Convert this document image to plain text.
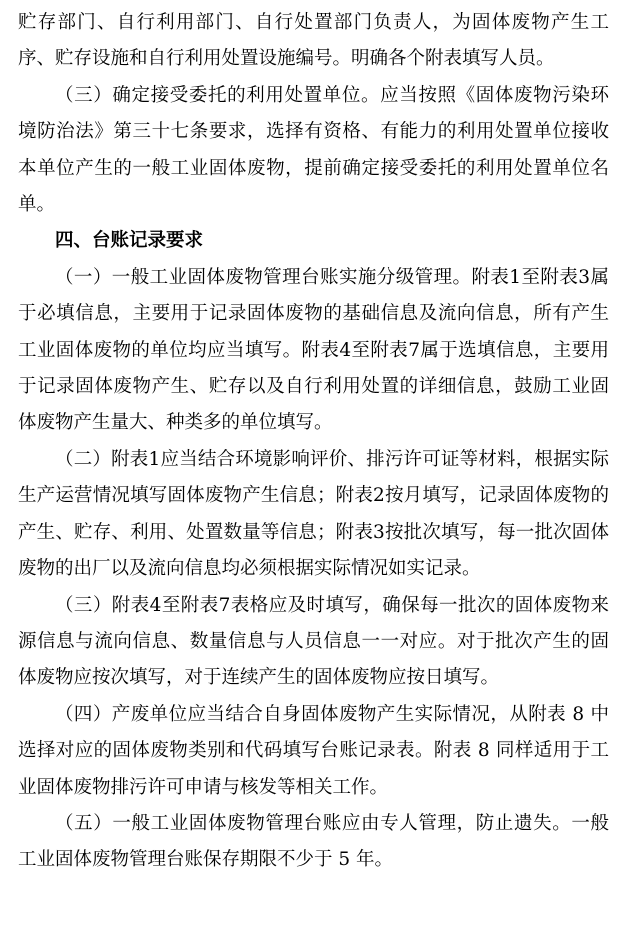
贮存部门、自行利用部门、自行处置部门负责人，为固体废物产生工序、贮存设施和自行利用处置设施编号。明确各个附表填写人员。

（三）确定接受委托的利用处置单位。应当按照《固体废物污染环境防治法》第三十七条要求，选择有资格、有能力的利用处置单位接收本单位产生的一般工业固体废物，提前确定接受委托的利用处置单位名单。

四、台账记录要求

（一）一般工业固体废物管理台账实施分级管理。附表1至附表3属于必填信息，主要用于记录固体废物的基础信息及流向信息，所有产生工业固体废物的单位均应当填写。附表4至附表7属于选填信息，主要用于记录固体废物产生、贮存以及自行利用处置的详细信息，鼓励工业固体废物产生量大、种类多的单位填写。

（二）附表1应当结合环境影响评价、排污许可证等材料，根据实际生产运营情况填写固体废物产生信息；附表2按月填写，记录固体废物的产生、贮存、利用、处置数量等信息；附表3按批次填写，每一批次固体废物的出厂以及流向信息均必须根据实际情况如实记录。

（三）附表4至附表7表格应及时填写，确保每一批次的固体废物来源信息与流向信息、数量信息与人员信息一一对应。对于批次产生的固体废物应按次填写，对于连续产生的固体废物应按日填写。

（四）产废单位应当结合自身固体废物产生实际情况，从附表 8 中选择对应的固体废物类别和代码填写台账记录表。附表 8 同样适用于工业固体废物排污许可申请与核发等相关工作。

（五）一般工业固体废物管理台账应由专人管理，防止遗失。一般工业固体废物管理台账保存期限不少于 5 年。
